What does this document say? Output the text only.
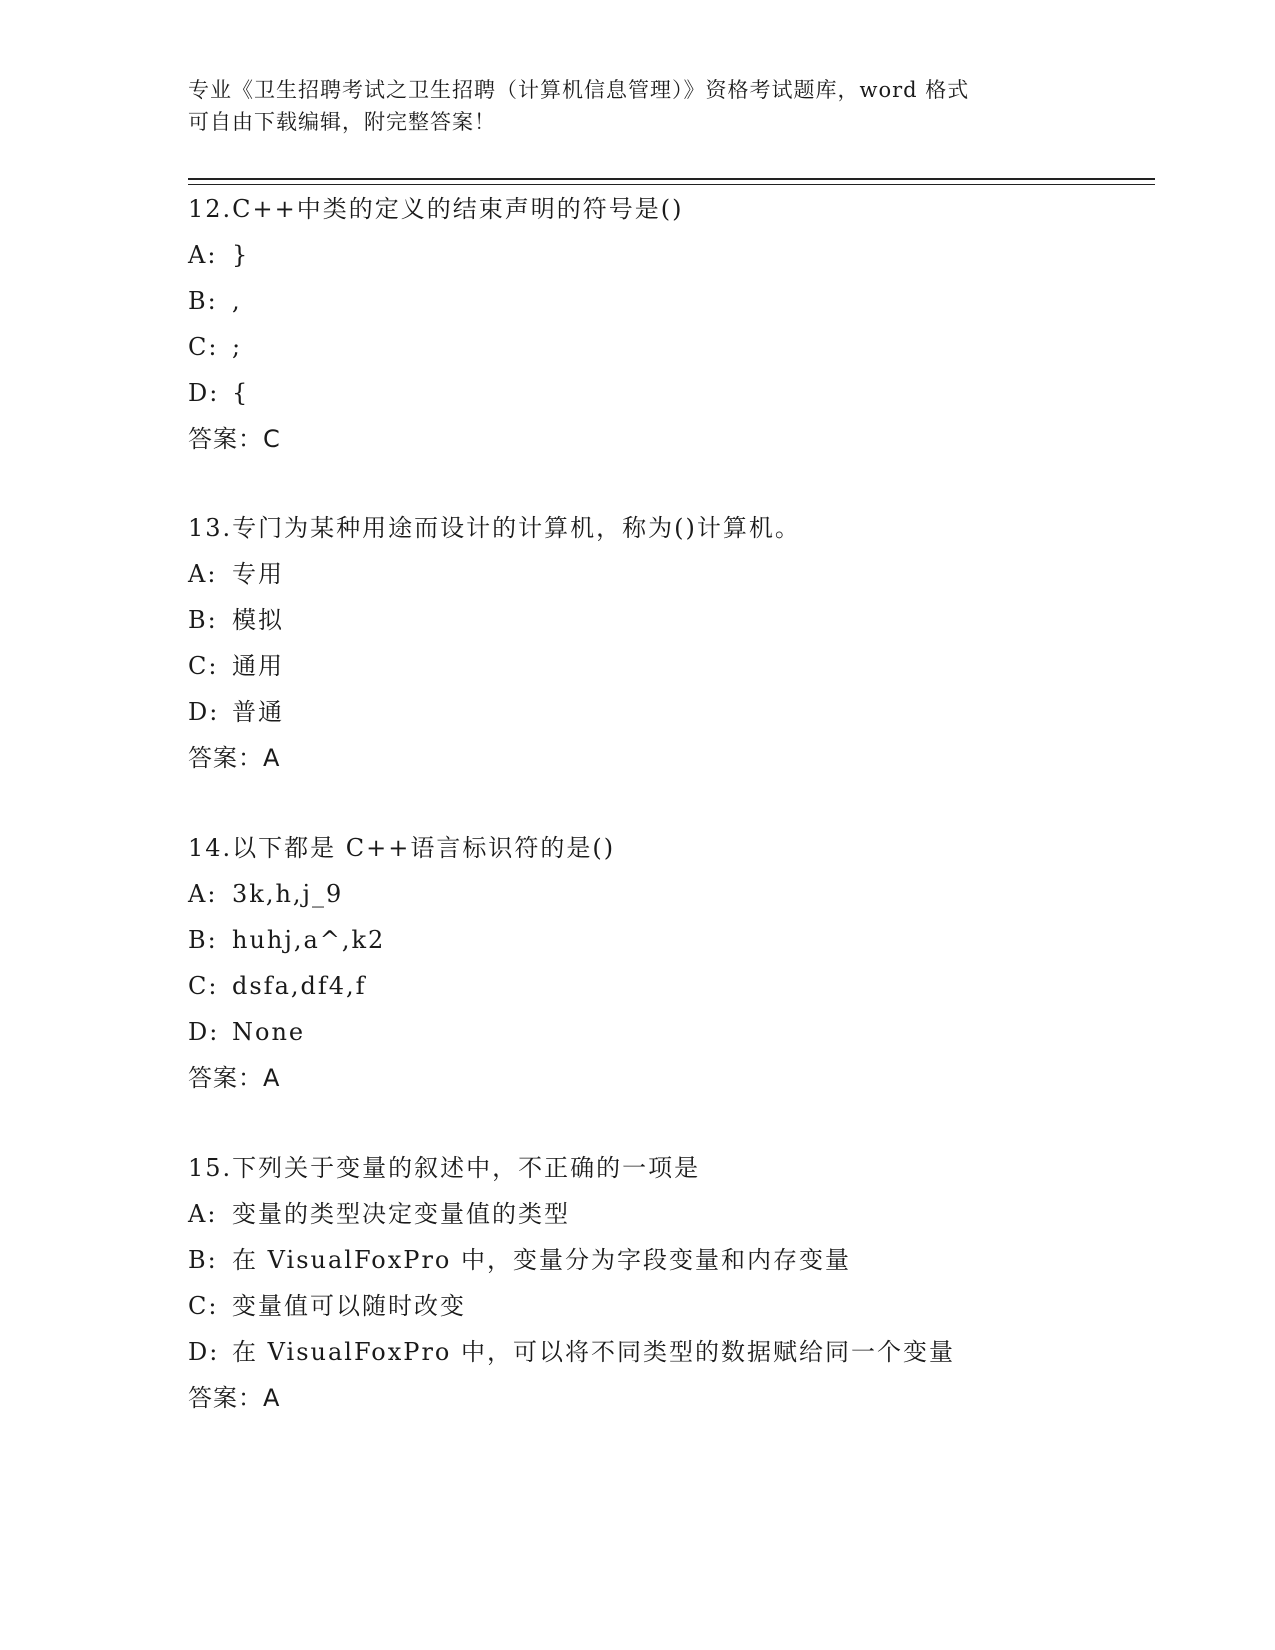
专业《卫生招聘考试之卫生招聘（计算机信息管理）》资格考试题库，word 格式
可自由下载编辑，附完整答案！
12.C++中类的定义的结束声明的符号是()
A: }
B: ,
C: ;
D: {
答案：C
13.专门为某种用途而设计的计算机，称为()计算机。
A: 专用
B: 模拟
C: 通用
D: 普通
答案：A
14.以下都是 C++语言标识符的是()
A: 3k,h,j_9
B: huhj,a^,k2
C: dsfa,df4,f
D: None
答案：A
15.下列关于变量的叙述中，不正确的一项是
A: 变量的类型决定变量值的类型
B: 在 VisualFoxPro 中，变量分为字段变量和内存变量
C: 变量值可以随时改变
D: 在 VisualFoxPro 中，可以将不同类型的数据赋给同一个变量
答案：A
